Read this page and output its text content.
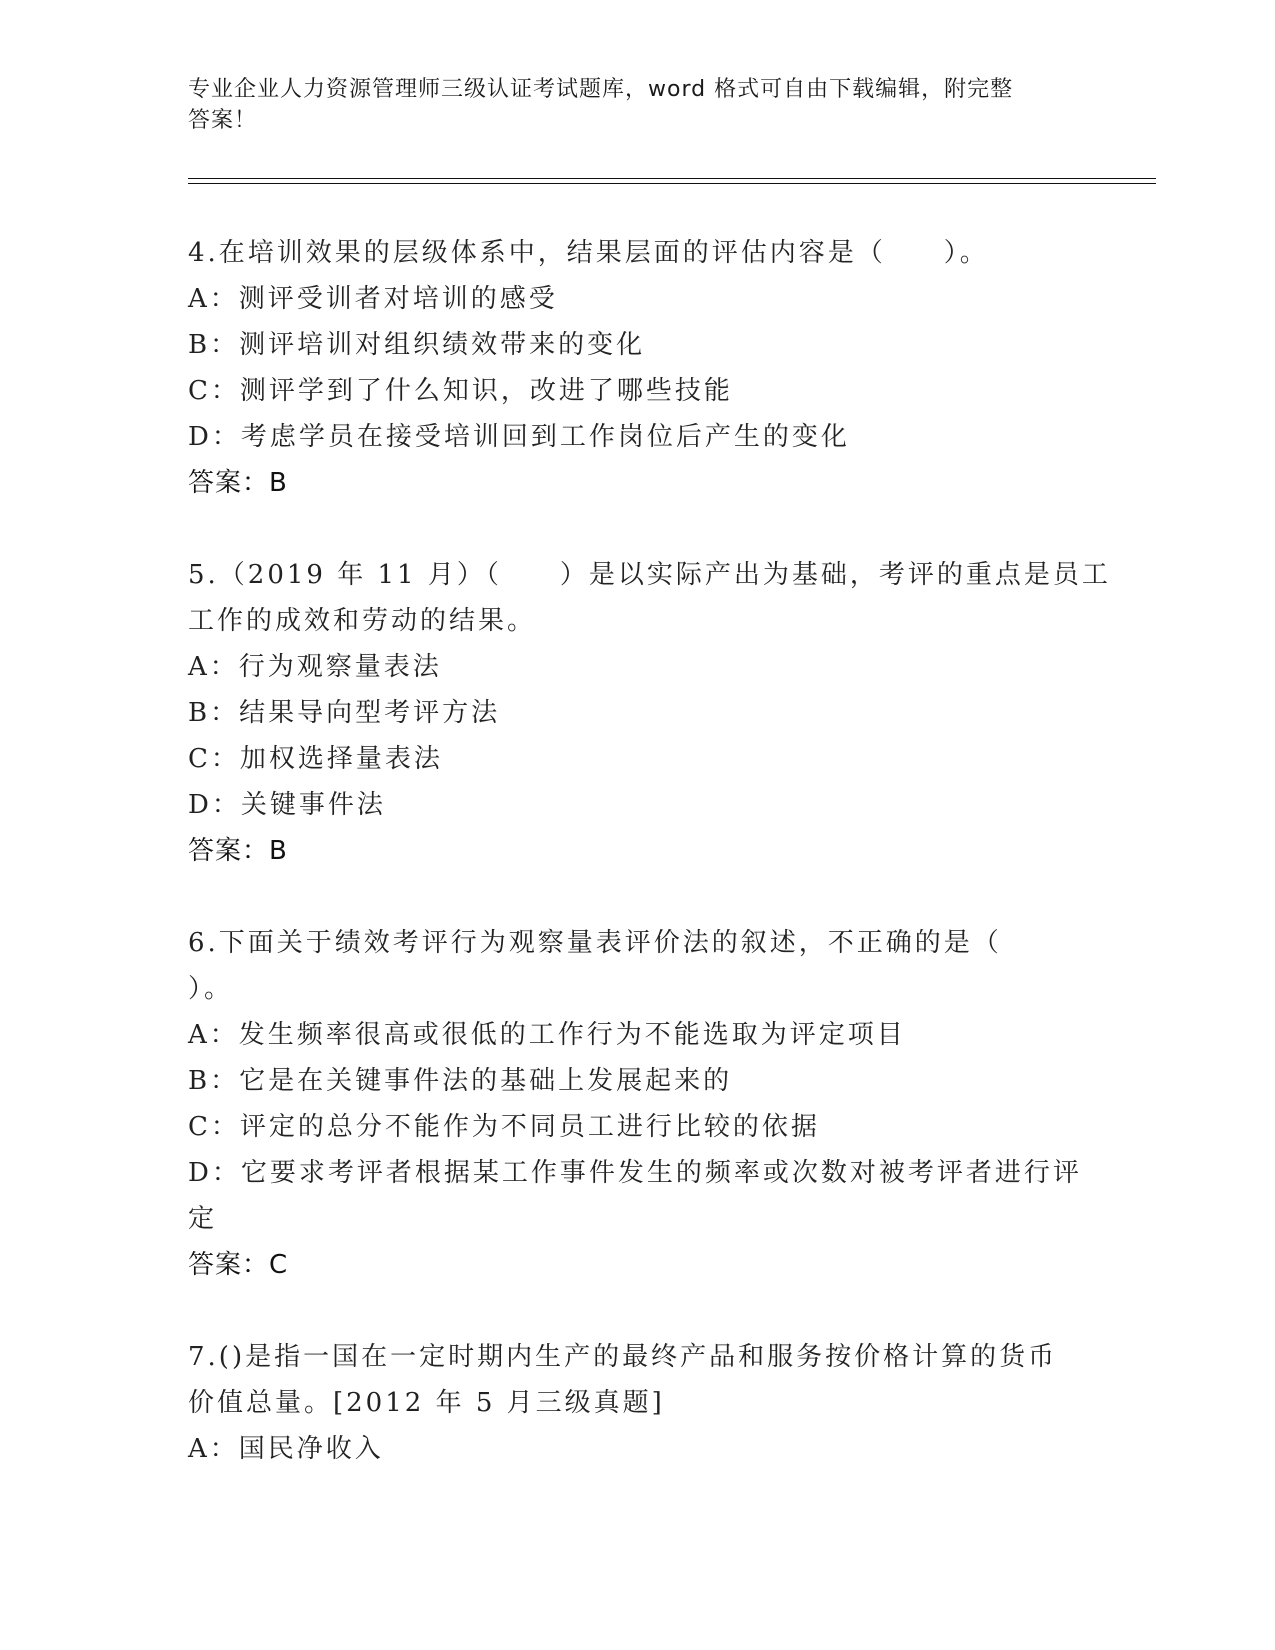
专业企业人力资源管理师三级认证考试题库，word 格式可自由下载编辑，附完整
答案！
4.在培训效果的层级体系中，结果层面的评估内容是（　　）。
A：测评受训者对培训的感受
B：测评培训对组织绩效带来的变化
C：测评学到了什么知识，改进了哪些技能
D：考虑学员在接受培训回到工作岗位后产生的变化
答案：B
5.（2019 年 11 月）（　　）是以实际产出为基础，考评的重点是员工
工作的成效和劳动的结果。
A：行为观察量表法
B：结果导向型考评方法
C：加权选择量表法
D：关键事件法
答案：B
6.下面关于绩效考评行为观察量表评价法的叙述，不正确的是（
）。
A：发生频率很高或很低的工作行为不能选取为评定项目
B：它是在关键事件法的基础上发展起来的
C：评定的总分不能作为不同员工进行比较的依据
D：它要求考评者根据某工作事件发生的频率或次数对被考评者进行评
定
答案：C
7.()是指一国在一定时期内生产的最终产品和服务按价格计算的货币
价值总量。[2012 年 5 月三级真题]
A：国民净收入
